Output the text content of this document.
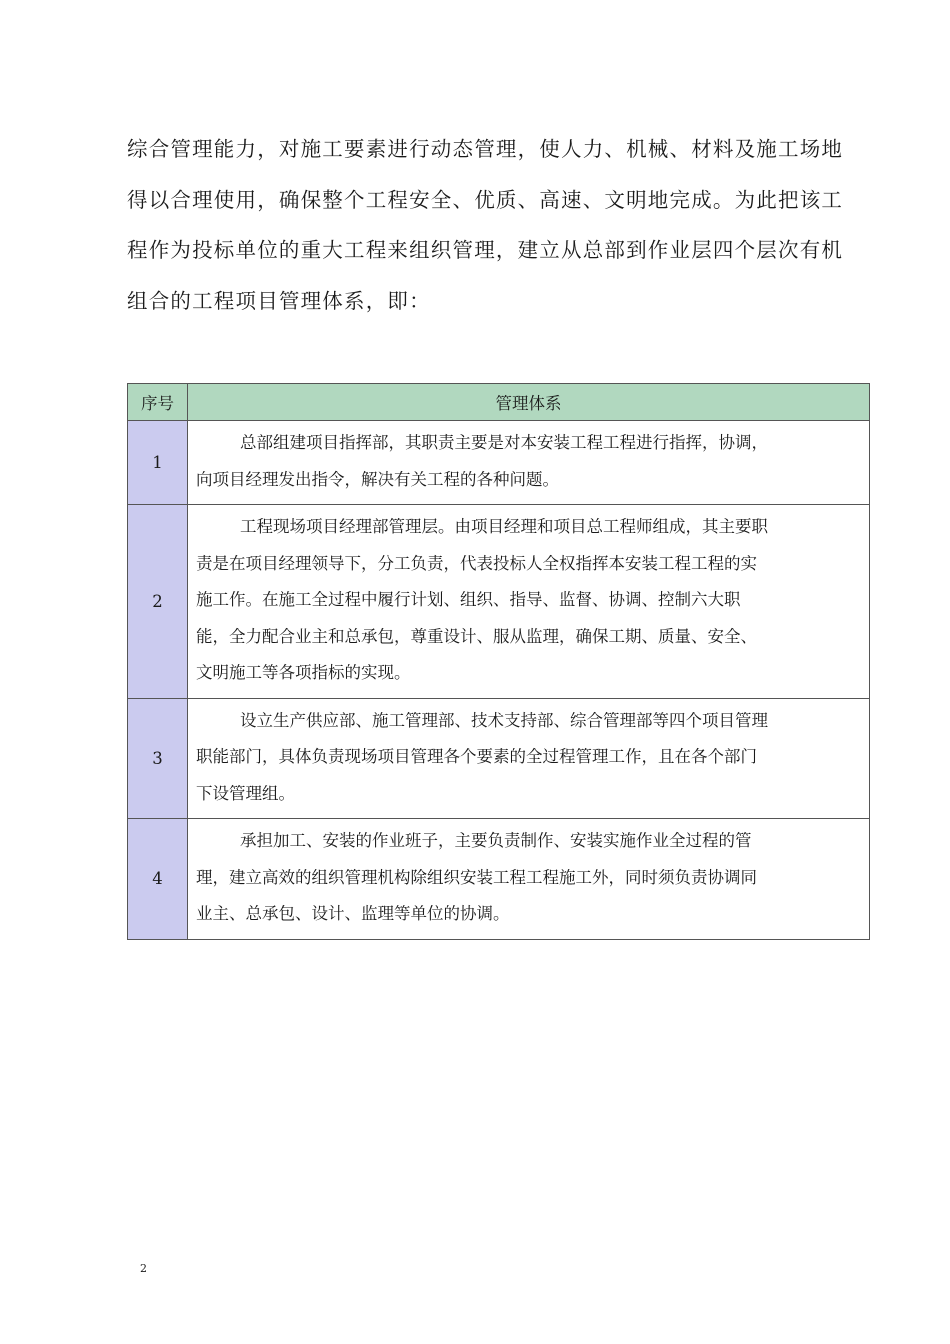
综合管理能力，对施工要素进行动态管理，使人力、机械、材料及施工场地
得以合理使用，确保整个工程安全、优质、高速、文明地完成。为此把该工
程作为投标单位的重大工程来组织管理，建立从总部到作业层四个层次有机
组合的工程项目管理体系，即：
序号	管理体系
1	总部组建项目指挥部，其职责主要是对本安装工程工程进行指挥，协调，
向项目经理发出指令，解决有关工程的各种问题。

2	工程现场项目经理部管理层。由项目经理和项目总工程师组成，其主要职
责是在项目经理领导下，分工负责，代表投标人全权指挥本安装工程工程的实
施工作。在施工全过程中履行计划、组织、指导、监督、协调、控制六大职
能，全力配合业主和总承包，尊重设计、服从监理，确保工期、质量、安全、
文明施工等各项指标的实现。

3	设立生产供应部、施工管理部、技术支持部、综合管理部等四个项目管理
职能部门，具体负责现场项目管理各个要素的全过程管理工作，且在各个部门
下设管理组。

4	承担加工、安装的作业班子，主要负责制作、安装实施作业全过程的管
理，建立高效的组织管理机构除组织安装工程工程施工外，同时须负责协调同
业主、总承包、设计、监理等单位的协调。
2
